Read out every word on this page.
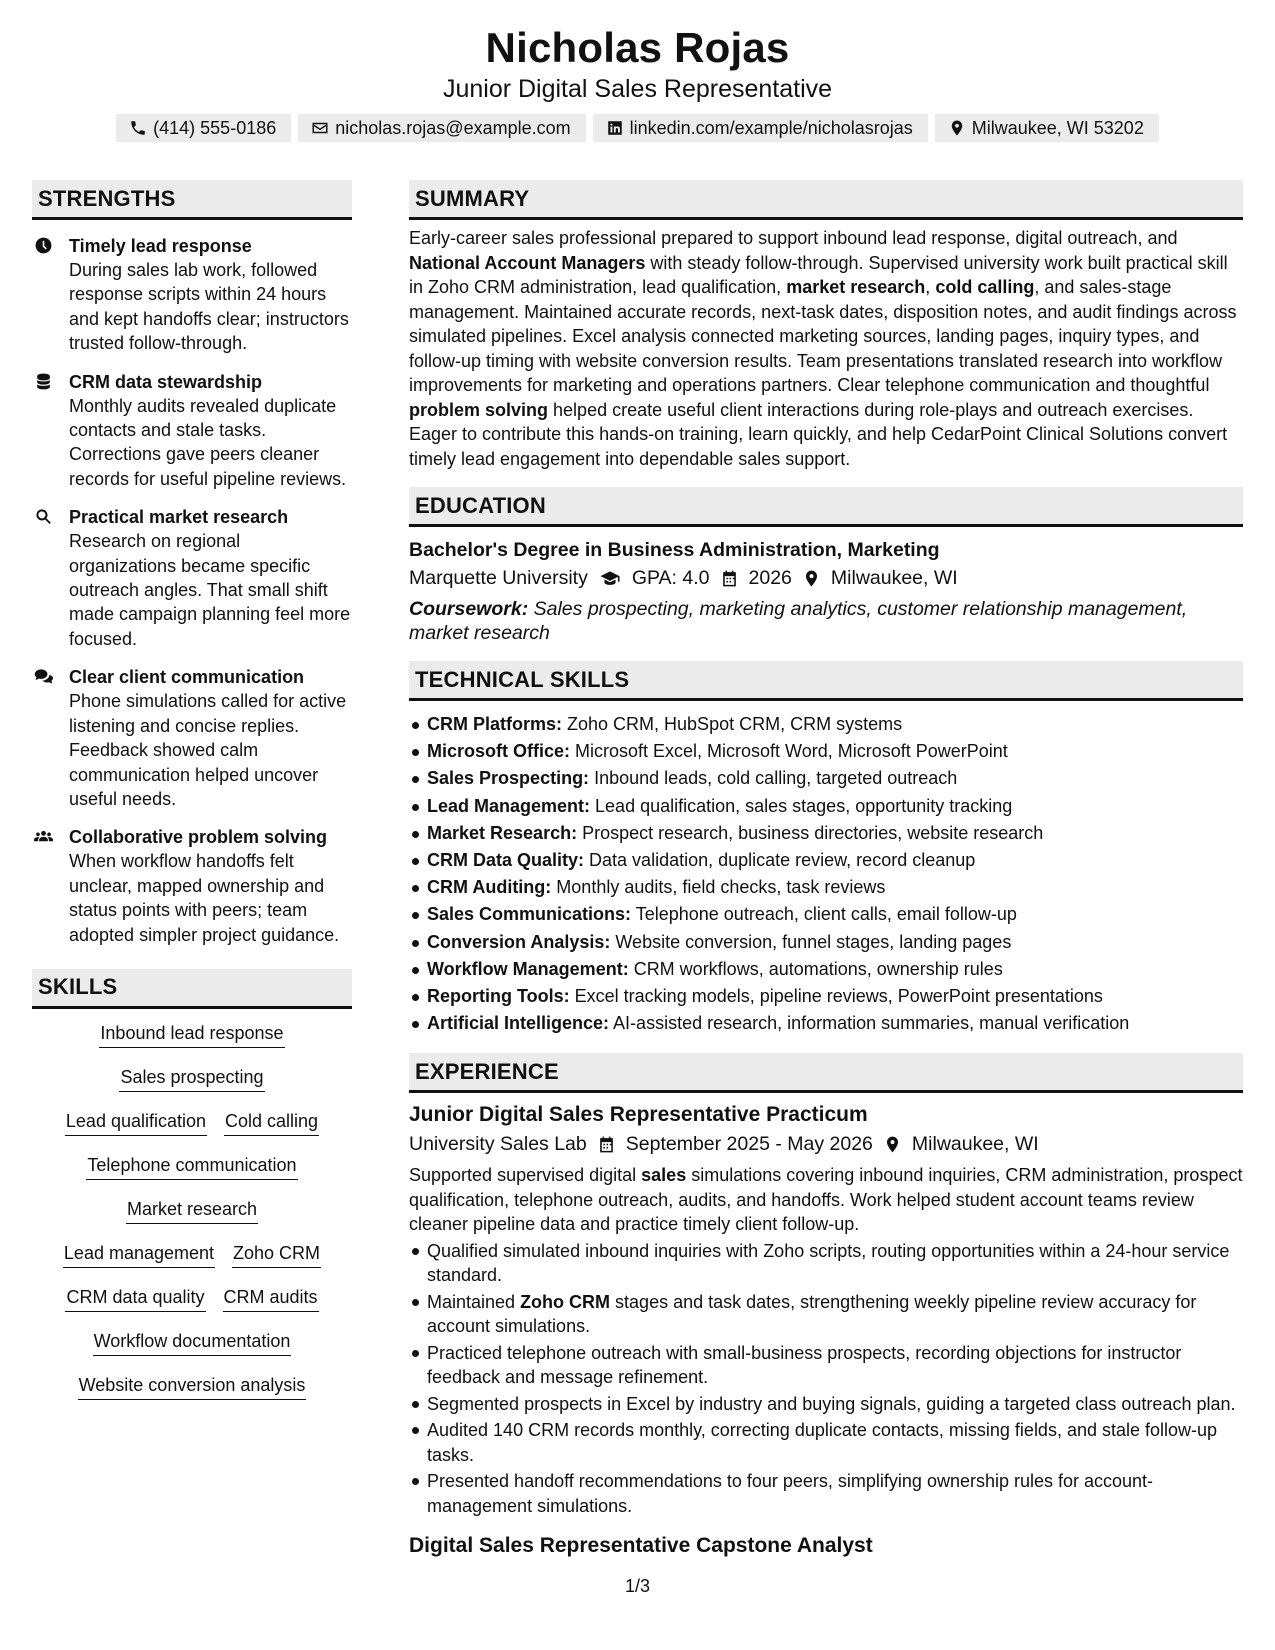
Nicholas Rojas
Junior Digital Sales Representative
(414) 555-0186	nicholas.rojas@example.com	linkedin.com/example/nicholasrojas	Milwaukee, WI 53202
STRENGTHS
Timely lead response
During sales lab work, followed response scripts within 24 hours and kept handoffs clear; instructors trusted follow-through.
CRM data stewardship
Monthly audits revealed duplicate contacts and stale tasks. Corrections gave peers cleaner records for useful pipeline reviews.
Practical market research
Research on regional organizations became specific outreach angles. That small shift made campaign planning feel more focused.
Clear client communication
Phone simulations called for active listening and concise replies. Feedback showed calm communication helped uncover useful needs.
Collaborative problem solving
When workflow handoffs felt unclear, mapped ownership and status points with peers; team adopted simpler project guidance.
SKILLS
Inbound lead response
Sales prospecting
Lead qualification Cold calling
Telephone communication
Market research
Lead management Zoho CRM
CRM data quality CRM audits
Workflow documentation
Website conversion analysis
SUMMARY

Early-career sales professional prepared to support inbound lead response, digital outreach, and National Account Managers with steady follow-through. Supervised university work built practical skill in Zoho CRM administration, lead qualification, market research, cold calling, and sales-stage management. Maintained accurate records, next-task dates, disposition notes, and audit findings across simulated pipelines. Excel analysis connected marketing sources, landing pages, inquiry types, and follow-up timing with website conversion results. Team presentations translated research into workflow improvements for marketing and operations partners. Clear telephone communication and thoughtful problem solving helped create useful client interactions during role-plays and outreach exercises. Eager to contribute this hands-on training, learn quickly, and help CedarPoint Clinical Solutions convert timely lead engagement into dependable sales support.

EDUCATION
Bachelor's Degree in Business Administration, Marketing
Marquette University GPA: 4.0 2026 Milwaukee, WI
Coursework: Sales prospecting, marketing analytics, customer relationship management, market research
TECHNICAL SKILLS
CRM Platforms: Zoho CRM, HubSpot CRM, CRM systems
Microsoft Office: Microsoft Excel, Microsoft Word, Microsoft PowerPoint
Sales Prospecting: Inbound leads, cold calling, targeted outreach
Lead Management: Lead qualification, sales stages, opportunity tracking
Market Research: Prospect research, business directories, website research
CRM Data Quality: Data validation, duplicate review, record cleanup
CRM Auditing: Monthly audits, field checks, task reviews
Sales Communications: Telephone outreach, client calls, email follow-up
Conversion Analysis: Website conversion, funnel stages, landing pages
Workflow Management: CRM workflows, automations, ownership rules
Reporting Tools: Excel tracking models, pipeline reviews, PowerPoint presentations
Artificial Intelligence: AI-assisted research, information summaries, manual verification
EXPERIENCE
Junior Digital Sales Representative Practicum
University Sales Lab September 2025 - May 2026 Milwaukee, WI

Supported supervised digital sales simulations covering inbound inquiries, CRM administration, prospect qualification, telephone outreach, audits, and handoffs. Work helped student account teams review cleaner pipeline data and practice timely client follow-up.

Qualified simulated inbound inquiries with Zoho scripts, routing opportunities within a 24-hour service standard.
Maintained Zoho CRM stages and task dates, strengthening weekly pipeline review accuracy for account simulations.
Practiced telephone outreach with small-business prospects, recording objections for instructor feedback and message refinement.
Segmented prospects in Excel by industry and buying signals, guiding a targeted class outreach plan.
Audited 140 CRM records monthly, correcting duplicate contacts, missing fields, and stale follow-up tasks.
Presented handoff recommendations to four peers, simplifying ownership rules for account-management simulations.
Digital Sales Representative Capstone Analyst
1/3
